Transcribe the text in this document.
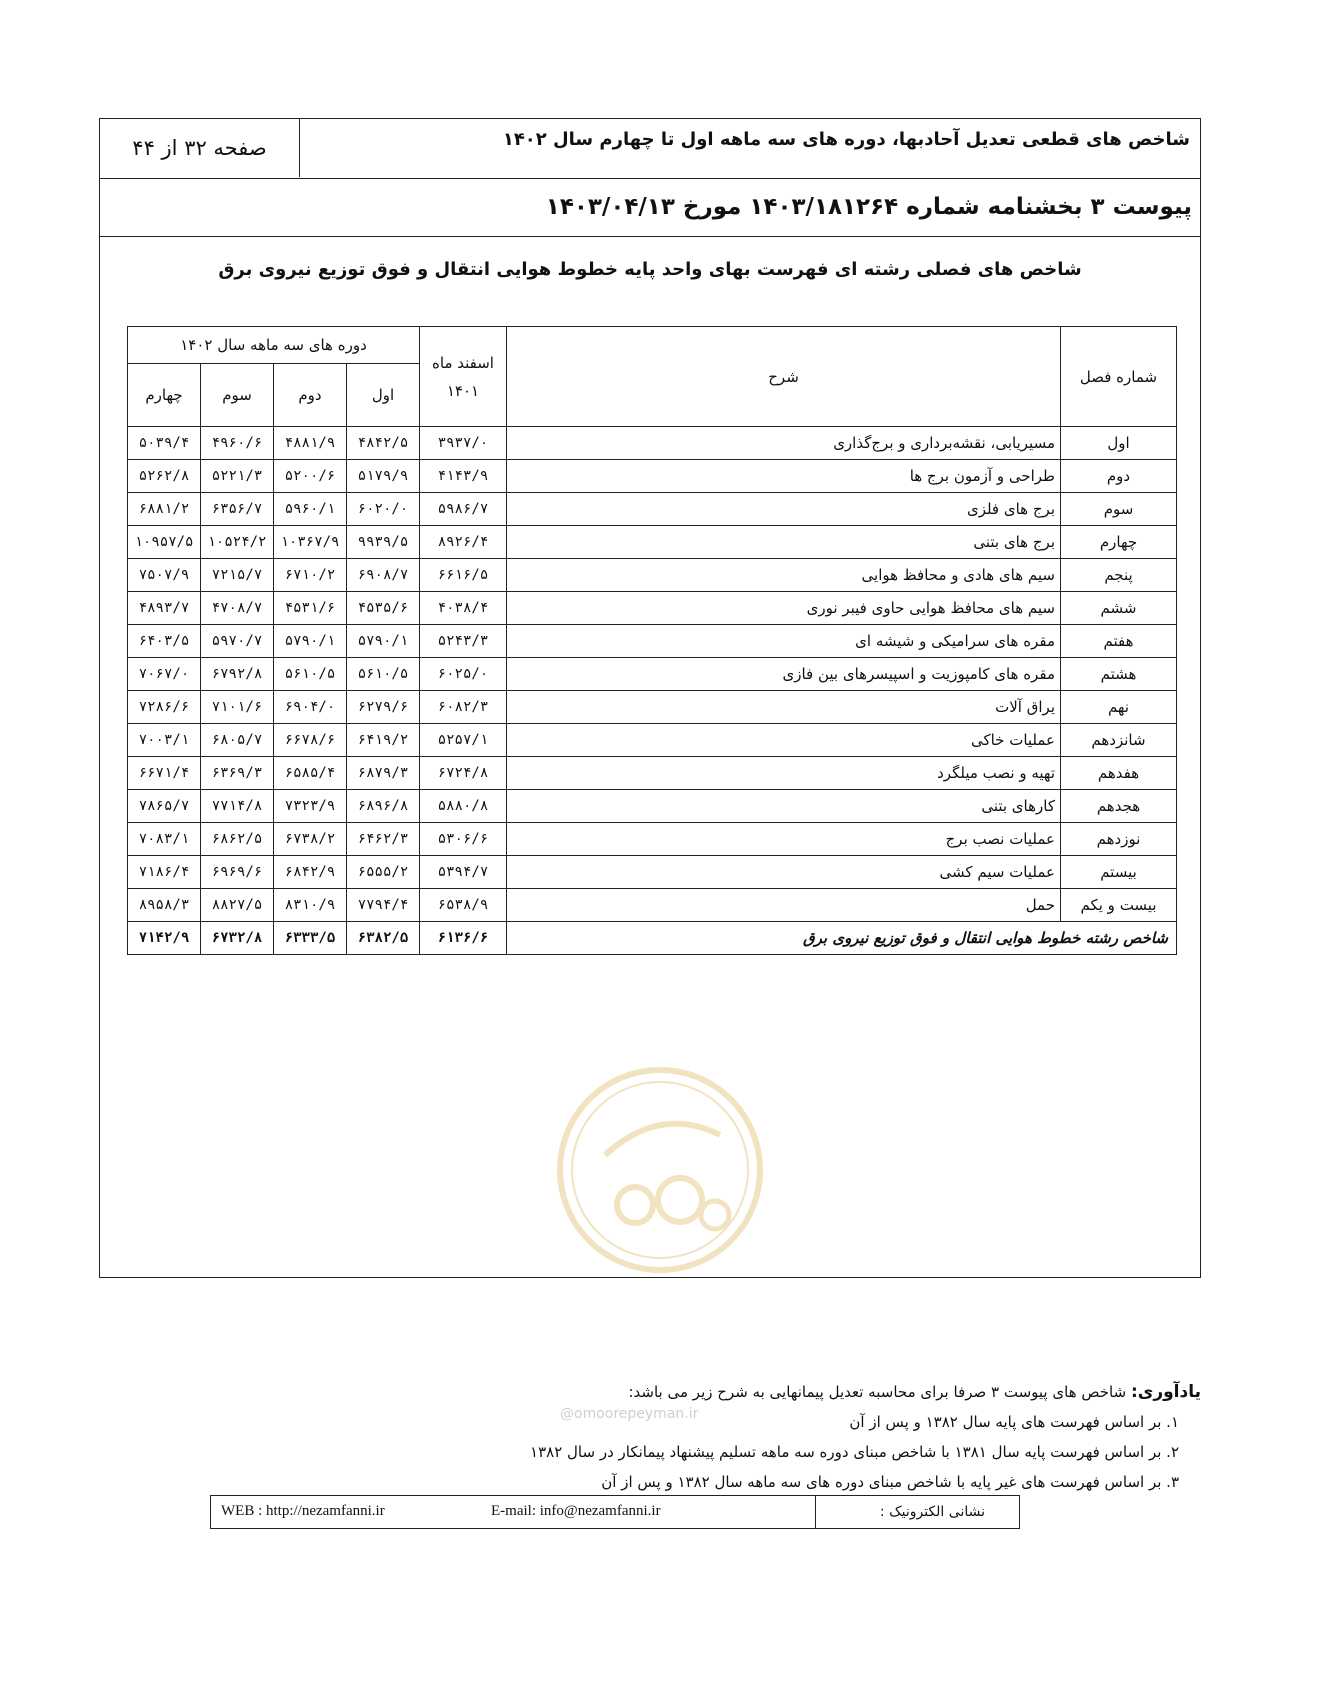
شاخص های قطعی تعدیل آحادبها، دوره های سه ماهه اول تا چهارم سال ۱۴۰۲
صفحه ۳۲ از ۴۴
پیوست ۳ بخشنامه شماره ۱۴۰۳/۱۸۱۲۶۴ مورخ ۱۴۰۳/۰۴/۱۳
شاخص های فصلی رشته ای فهرست بهای واحد پایه خطوط هوایی انتقال و فوق توزیع نیروی برق
شماره فصل	شرح	اسفند ماه ۱۴۰۱	دوره های سه ماهه سال ۱۴۰۲			
			اول	دوم	سوم	چهارم
اول	مسیریابی، نقشه‌برداری و برج‌گذاری	۳۹۳۷/۰	۴۸۴۲/۵	۴۸۸۱/۹	۴۹۶۰/۶	۵۰۳۹/۴
دوم	طراحی و آزمون برج ها	۴۱۴۳/۹	۵۱۷۹/۹	۵۲۰۰/۶	۵۲۲۱/۳	۵۲۶۲/۸
سوم	برج های فلزی	۵۹۸۶/۷	۶۰۲۰/۰	۵۹۶۰/۱	۶۳۵۶/۷	۶۸۸۱/۲
چهارم	برج های بتنی	۸۹۲۶/۴	۹۹۳۹/۵	۱۰۳۶۷/۹	۱۰۵۲۴/۲	۱۰۹۵۷/۵
پنجم	سیم های هادی و محافظ هوایی	۶۶۱۶/۵	۶۹۰۸/۷	۶۷۱۰/۲	۷۲۱۵/۷	۷۵۰۷/۹
ششم	سیم های محافظ هوایی حاوی فیبر نوری	۴۰۳۸/۴	۴۵۳۵/۶	۴۵۳۱/۶	۴۷۰۸/۷	۴۸۹۳/۷
هفتم	مقره های سرامیکی و شیشه ای	۵۲۴۳/۳	۵۷۹۰/۱	۵۷۹۰/۱	۵۹۷۰/۷	۶۴۰۳/۵
هشتم	مقره های کامپوزیت و اسپیسرهای بین فازی	۶۰۲۵/۰	۵۶۱۰/۵	۵۶۱۰/۵	۶۷۹۲/۸	۷۰۶۷/۰
نهم	یراق آلات	۶۰۸۲/۳	۶۲۷۹/۶	۶۹۰۴/۰	۷۱۰۱/۶	۷۲۸۶/۶
شانزدهم	عملیات خاکی	۵۲۵۷/۱	۶۴۱۹/۲	۶۶۷۸/۶	۶۸۰۵/۷	۷۰۰۳/۱
هفدهم	تهیه و نصب میلگرد	۶۷۲۴/۸	۶۸۷۹/۳	۶۵۸۵/۴	۶۳۶۹/۳	۶۶۷۱/۴
هجدهم	کارهای بتنی	۵۸۸۰/۸	۶۸۹۶/۸	۷۳۲۳/۹	۷۷۱۴/۸	۷۸۶۵/۷
نوزدهم	عملیات نصب برج	۵۳۰۶/۶	۶۴۶۲/۳	۶۷۳۸/۲	۶۸۶۲/۵	۷۰۸۳/۱
بیستم	عملیات سیم کشی	۵۳۹۴/۷	۶۵۵۵/۲	۶۸۴۲/۹	۶۹۶۹/۶	۷۱۸۶/۴
بیست و یکم	حمل	۶۵۳۸/۹	۷۷۹۴/۴	۸۳۱۰/۹	۸۸۲۷/۵	۸۹۵۸/۳
شاخص رشته خطوط هوایی انتقال و فوق توزیع نیروی برق		۶۱۳۶/۶	۶۳۸۲/۵	۶۳۳۳/۵	۶۷۳۲/۸	۷۱۴۲/۹
یادآوری: شاخص های پیوست ۳ صرفا برای محاسبه تعدیل پیمانهایی به شرح زیر می باشد:
۱. بر اساس فهرست های پایه سال ۱۳۸۲ و پس از آن
۲. بر اساس فهرست پایه سال ۱۳۸۱ با شاخص مبنای دوره سه ماهه تسلیم پیشنهاد پیمانکار در سال ۱۳۸۲
۳. بر اساس فهرست های غیر پایه با شاخص مبنای دوره های سه ماهه سال ۱۳۸۲ و پس از آن
@omoorepeyman.ir
WEB : http://nezamfanni.ir	E-mail: info@nezamfanni.ir	نشانی الکترونیک :
